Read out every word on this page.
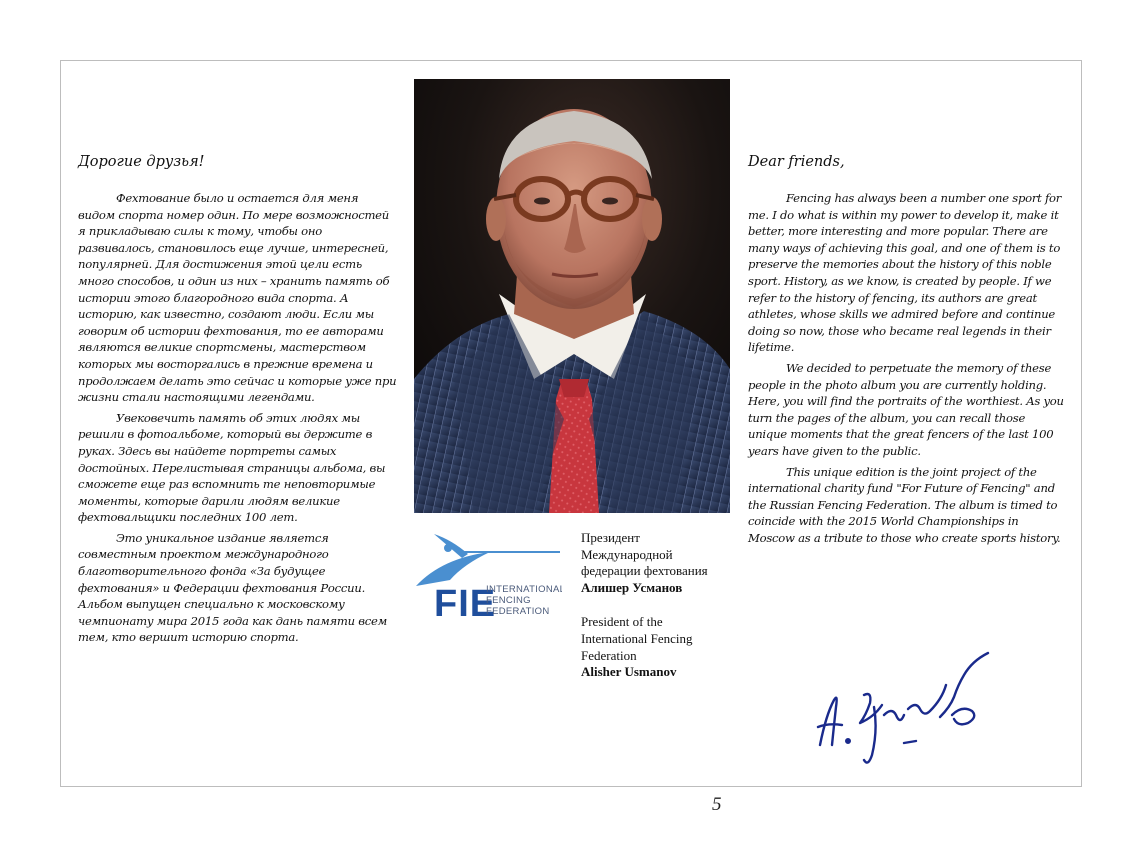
Дорогие друзья!

Фехтование было и остается для меня видом спорта номер один. По мере возможностей я прикладываю силы к тому, чтобы оно развивалось, становилось еще лучше, интересней, популярней. Для достижения этой цели есть много способов, и один из них – хранить память об истории этого благородного вида спорта. А историю, как известно, создают люди. Если мы говорим об истории фехтования, то ее авторами являются великие спортсмены, мастерством которых мы восторгались в прежние времена и продолжаем делать это сейчас и которые уже при жизни стали настоящими легендами.

Увековечить память об этих людях мы решили в фотоальбоме, который вы держите в руках. Здесь вы найдете портреты самых достойных. Перелистывая страницы альбома, вы сможете еще раз вспомнить те неповторимые моменты, которые дарили людям великие фехтовальщики последних 100 лет.

Это уникальное издание является совместным проектом международного благотворительного фонда «За будущее фехтования» и Федерации фехтования России. Альбом выпущен специально к московскому чемпионату мира 2015 года как дань памяти всем тем, кто вершит историю спорта.

FIE
INTERNATIONAL
FENCING
FEDERATION
Президент
Международной
федерации фехтования
Алишер Усманов
President of the
International Fencing
Federation
Alisher Usmanov
Dear friends,

Fencing has always been a number one sport for me. I do what is within my power to develop it, make it better, more interesting and more popular. There are many ways of achieving this goal, and one of them is to preserve the memories about the history of this noble sport. History, as we know, is created by people. If we refer to the history of fencing, its authors are great athletes, whose skills we admired before and continue doing so now, those who became real legends in their lifetime.

We decided to perpetuate the memory of these people in the photo album you are currently holding. Here, you will find the portraits of the worthiest. As you turn the pages of the album, you can recall those unique moments that the great fencers of the last 100 years have given to the public.

This unique edition is the joint project of the international charity fund "For Future of Fencing" and the Russian Fencing Federation. The album is timed to coincide with the 2015 World Championships in Moscow as a tribute to those who create sports history.

5
